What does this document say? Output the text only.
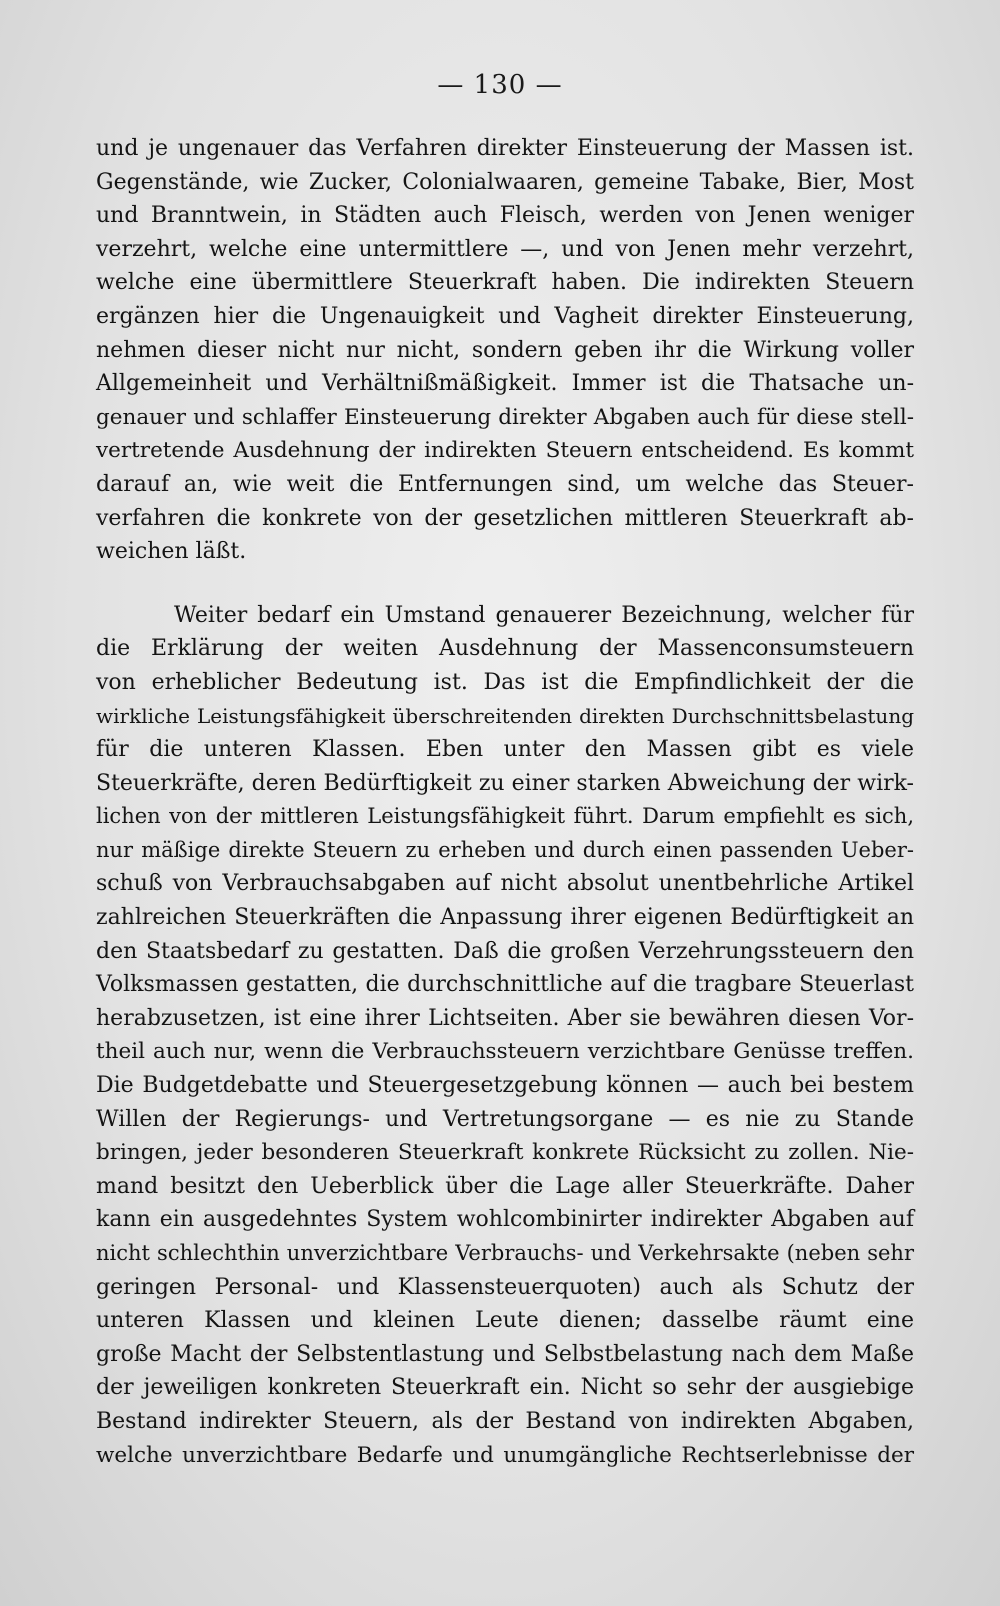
— 130 —
und je ungenauer das Verfahren direkter Einsteuerung der Massen ist.
Gegenstände, wie Zucker, Colonialwaaren, gemeine Tabake, Bier, Most
und Branntwein, in Städten auch Fleisch, werden von Jenen weniger
verzehrt, welche eine untermittlere —, und von Jenen mehr verzehrt,
welche eine übermittlere Steuerkraft haben. Die indirekten Steuern
ergänzen hier die Ungenauigkeit und Vagheit direkter Einsteuerung,
nehmen dieser nicht nur nicht, sondern geben ihr die Wirkung voller
Allgemeinheit und Verhältnißmäßigkeit. Immer ist die Thatsache un-
genauer und schlaffer Einsteuerung direkter Abgaben auch für diese stell-
vertretende Ausdehnung der indirekten Steuern entscheidend. Es kommt
darauf an, wie weit die Entfernungen sind, um welche das Steuer-
verfahren die konkrete von der gesetzlichen mittleren Steuerkraft ab-
weichen läßt.
Weiter bedarf ein Umstand genauerer Bezeichnung, welcher für
die Erklärung der weiten Ausdehnung der Massenconsumsteuern
von erheblicher Bedeutung ist. Das ist die Empfindlichkeit der die
wirkliche Leistungsfähigkeit überschreitenden direkten Durchschnittsbelastung
für die unteren Klassen. Eben unter den Massen gibt es viele
Steuerkräfte, deren Bedürftigkeit zu einer starken Abweichung der wirk-
lichen von der mittleren Leistungsfähigkeit führt. Darum empfiehlt es sich,
nur mäßige direkte Steuern zu erheben und durch einen passenden Ueber-
schuß von Verbrauchsabgaben auf nicht absolut unentbehrliche Artikel
zahlreichen Steuerkräften die Anpassung ihrer eigenen Bedürftigkeit an
den Staatsbedarf zu gestatten. Daß die großen Verzehrungssteuern den
Volksmassen gestatten, die durchschnittliche auf die tragbare Steuerlast
herabzusetzen, ist eine ihrer Lichtseiten. Aber sie bewähren diesen Vor-
theil auch nur, wenn die Verbrauchssteuern verzichtbare Genüsse treffen.
Die Budgetdebatte und Steuergesetzgebung können — auch bei bestem
Willen der Regierungs- und Vertretungsorgane — es nie zu Stande
bringen, jeder besonderen Steuerkraft konkrete Rücksicht zu zollen. Nie-
mand besitzt den Ueberblick über die Lage aller Steuerkräfte. Daher
kann ein ausgedehntes System wohlcombinirter indirekter Abgaben auf
nicht schlechthin unverzichtbare Verbrauchs- und Verkehrsakte (neben sehr
geringen Personal- und Klassensteuerquoten) auch als Schutz der
unteren Klassen und kleinen Leute dienen; dasselbe räumt eine
große Macht der Selbstentlastung und Selbstbelastung nach dem Maße
der jeweiligen konkreten Steuerkraft ein. Nicht so sehr der ausgiebige
Bestand indirekter Steuern, als der Bestand von indirekten Abgaben,
welche unverzichtbare Bedarfe und unumgängliche Rechtserlebnisse der
